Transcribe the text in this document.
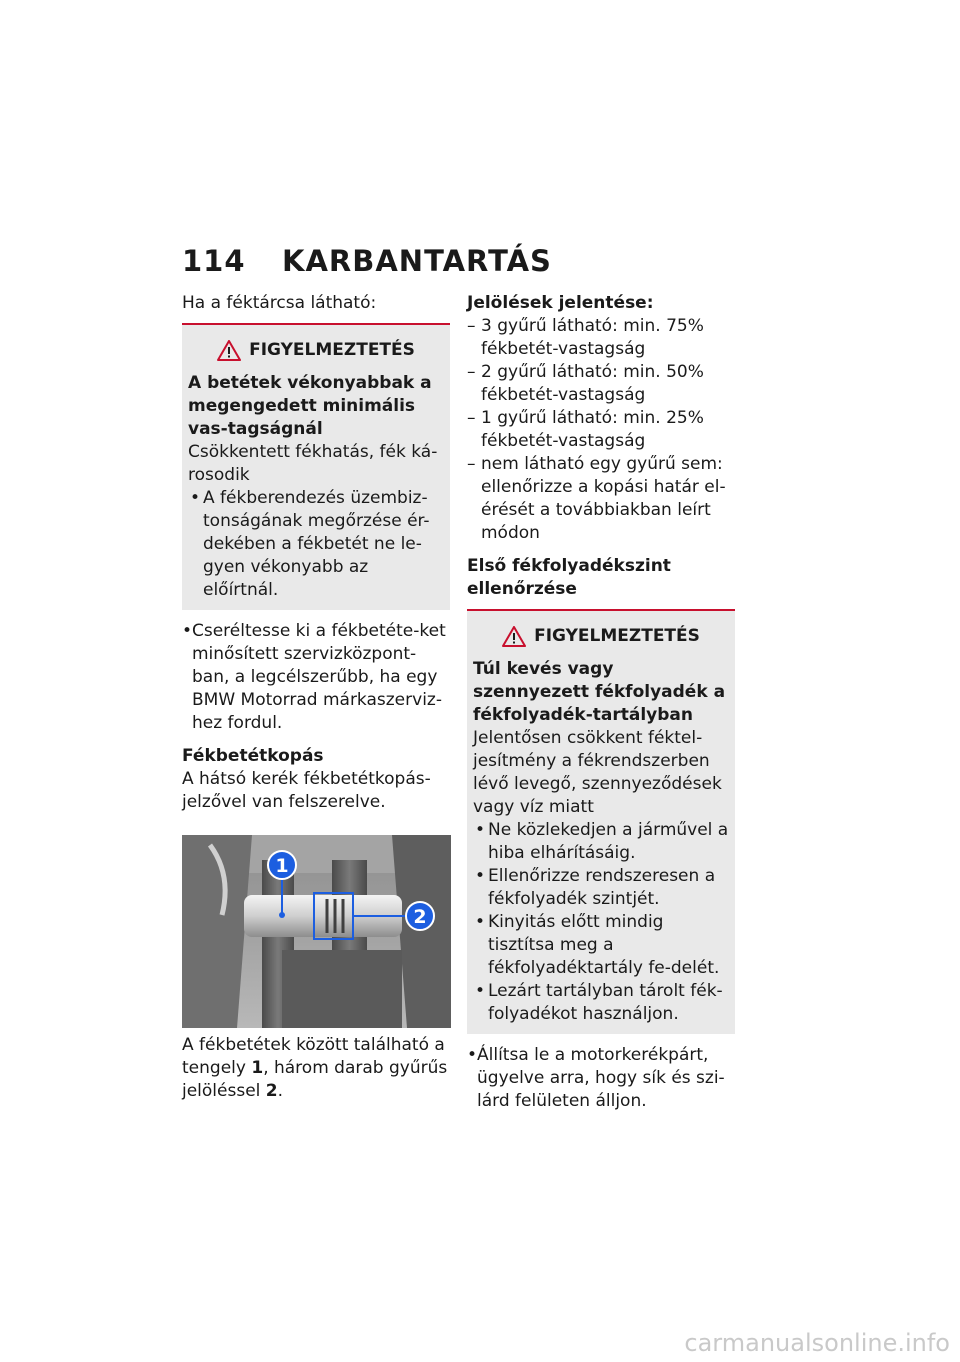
114 KARBANTARTÁS

Ha a féktárcsa látható:

FIGYELMEZTETÉS

A betétek vékonyabbak a megengedett minimális vas-tagságnál

Csökkentett fékhatás, fék ká-rosodik

• A fékberendezés üzembiz-tonságának megőrzése ér-dekében a fékbetét ne le-gyen vékonyabb az előírtnál.

• Cseréltesse ki a fékbetéte-ket minősített szervizközpont-ban, a legcélszerűbb, ha egy BMW Motorrad márkaszerviz-hez fordul.

Fékbetétkopás

A hátsó kerék fékbetétkopás-jelzővel van felszerelve.

1
2

A fékbetétek között található a tengely 1, három darab gyűrűs jelöléssel 2.

Jelölések jelentése:

– 3 gyűrű látható: min. 75% fékbetét-vastagság
– 2 gyűrű látható: min. 50% fékbetét-vastagság
– 1 gyűrű látható: min. 25% fékbetét-vastagság
– nem látható egy gyűrű sem: ellenőrizze a kopási határ el-érését a továbbiakban leírt módon

Első fékfolyadékszint ellenőrzése

FIGYELMEZTETÉS

Túl kevés vagy szennyezett fékfolyadék a fékfolyadék-tartályban

Jelentősen csökkent féktel-jesítmény a fékrendszerben lévő levegő, szennyeződések vagy víz miatt

• Ne közlekedjen a járművel a hiba elhárításáig.
• Ellenőrizze rendszeresen a fékfolyadék szintjét.
• Kinyitás előtt mindig tisztítsa meg a fékfolyadéktartály fe-delét.
• Lezárt tartályban tárolt fék-folyadékot használjon.

• Állítsa le a motorkerékpárt, ügyelve arra, hogy sík és szi-lárd felületen álljon.

carmanualsonline.info
